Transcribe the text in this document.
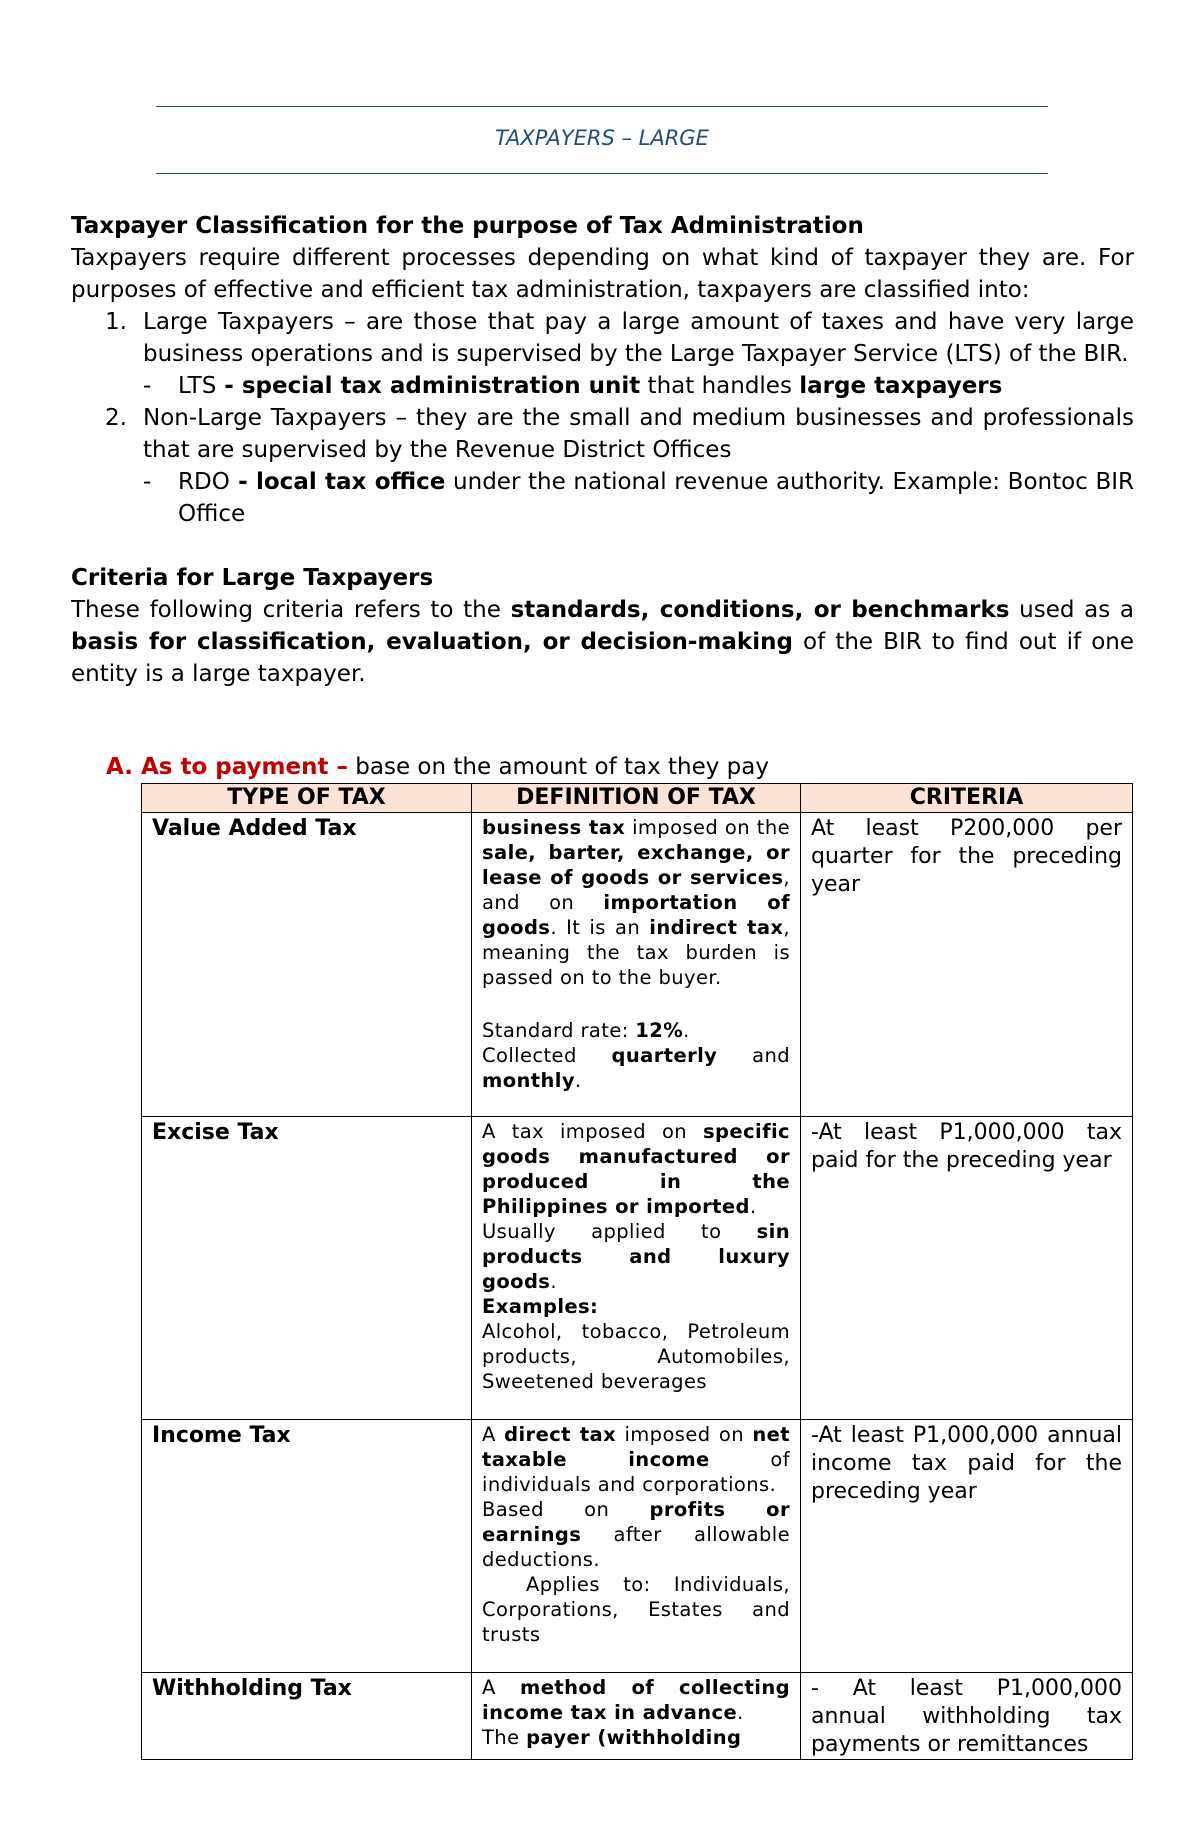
TAXPAYERS – LARGE

Taxpayer Classification for the purpose of Tax Administration

Taxpayers require different processes depending on what kind of taxpayer they are. For purposes of effective and efficient tax administration, taxpayers are classified into:

1. Large Taxpayers – are those that pay a large amount of taxes and have very large business operations and is supervised by the Large Taxpayer Service (LTS) of the BIR.
- LTS - special tax administration unit that handles large taxpayers
2. Non-Large Taxpayers – they are the small and medium businesses and professionals that are supervised by the Revenue District Offices
- RDO - local tax office under the national revenue authority. Example: Bontoc BIR Office

Criteria for Large Taxpayers

These following criteria refers to the standards, conditions, or benchmarks used as a basis for classification, evaluation, or decision-making of the BIR to find out if one entity is a large taxpayer.

A. As to payment – base on the amount of tax they pay
TYPE OF TAX	DEFINITION OF TAX	CRITERIA
Value Added Tax	business tax imposed on the sale, barter, exchange, or lease of goods or services, and on importation of goods. It is an indirect tax, meaning the tax burden is passed on to the buyer.
Standard rate: 12%.
Collected quarterly and monthly.	At least P200,000 per quarter for the preceding year
Excise Tax	A tax imposed on specific goods manufactured or produced in the Philippines or imported.
Usually applied to sin products and luxury goods.
Examples:
Alcohol, tobacco, Petroleum products, Automobiles, Sweetened beverages	-At least P1,000,000 tax paid for the preceding year
Income Tax	A direct tax imposed on net taxable income of individuals and corporations.
Based on profits or earnings after allowable deductions.
Applies to: Individuals, Corporations, Estates and trusts	-At least P1,000,000 annual income tax paid for the preceding year
Withholding Tax	A method of collecting income tax in advance.
The payer (withholding	- At least P1,000,000 annual withholding tax payments or remittances
